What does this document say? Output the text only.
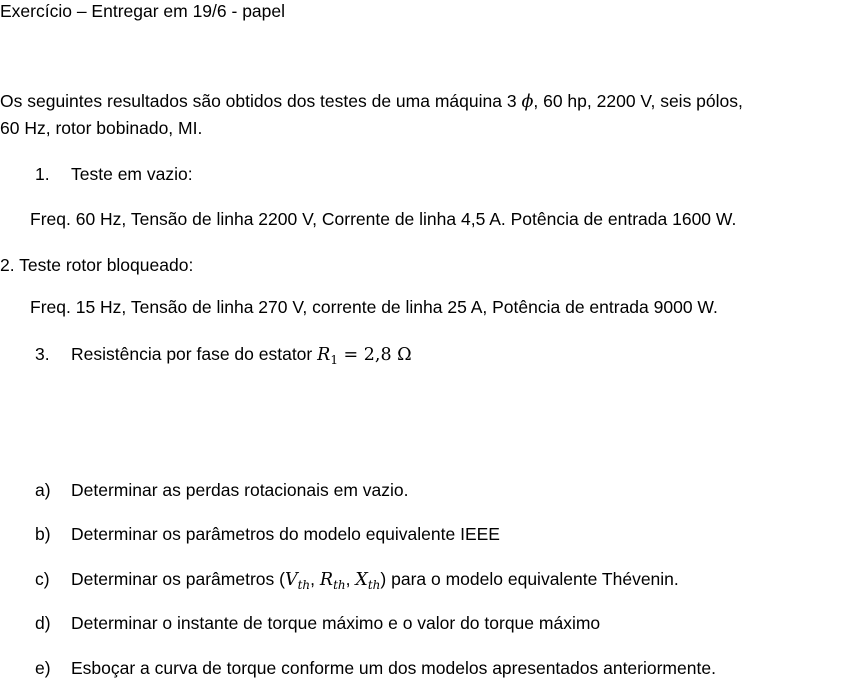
Exercício – Entregar em 19/6 - papel
Os seguintes resultados são obtidos dos testes de uma máquina 3 ϕ, 60 hp, 2200 V, seis pólos,
60 Hz, rotor bobinado, MI.
1. Teste em vazio:
Freq. 60 Hz, Tensão de linha 2200 V, Corrente de linha 4,5 A. Potência de entrada 1600 W.
2. Teste rotor bloqueado:
Freq. 15 Hz, Tensão de linha 270 V, corrente de linha 25 A, Potência de entrada 9000 W.
3. Resistência por fase do estator $R_1 = 2,8$ Ω
a) Determinar as perdas rotacionais em vazio.
b) Determinar os parâmetros do modelo equivalente IEEE
c) Determinar os parâmetros ($V_{th}$, $R_{th}$, $X_{th}$) para o modelo equivalente Thévenin.
d) Determinar o instante de torque máximo e o valor do torque máximo
e) Esboçar a curva de torque conforme um dos modelos apresentados anteriormente.
